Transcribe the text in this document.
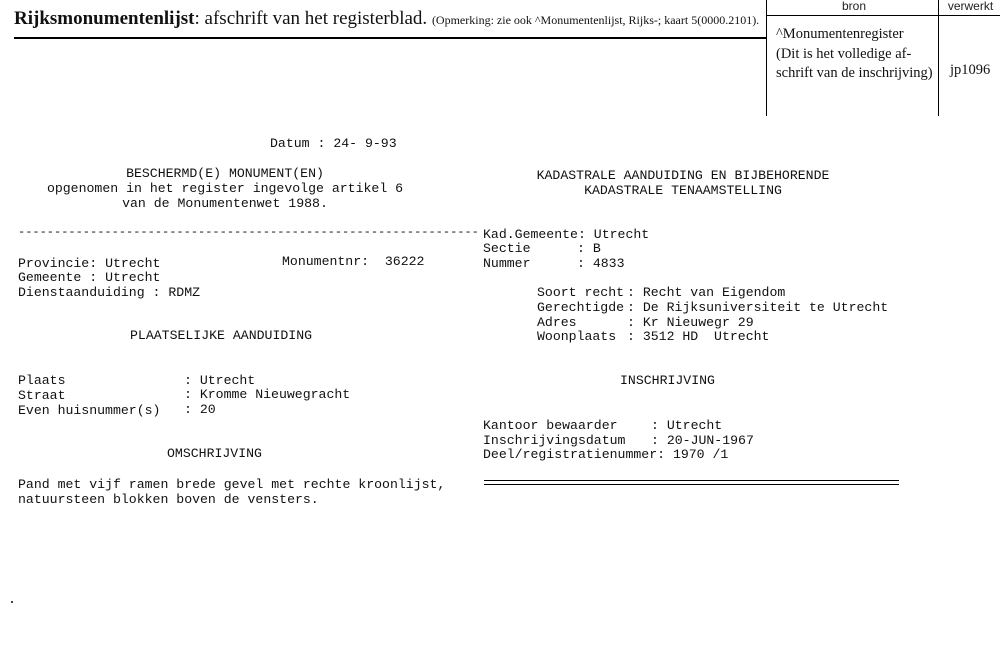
Rijksmonumentenlijst: afschrift van het registerblad. (Opmerking: zie ook ^Monumentenlijst, Rijks-; kaart 5(0000.2101).
bron	verwerkt
^Monumentenregister
(Dit is het volledige af-
schrift van de inschrijving) jp1096
Datum : 24- 9-93
BESCHERMD(E) MONUMENT(EN)
opgenomen in het register ingevolge artikel 6
van de Monumentenwet 1988.
----------------------------------------------------------------
Provincie: Utrecht	Monumentnr:  36222
Gemeente : Utrecht
Dienstaanduiding : RDMZ
PLAATSELIJKE AANDUIDING
Plaats	: Utrecht
Straat	: Kromme Nieuwegracht
Even huisnummer(s) : 20
OMSCHRIJVING
Pand met vijf ramen brede gevel met rechte kroonlijst,
natuursteen blokken boven de vensters.
KADASTRALE AANDUIDING EN BIJBEHORENDE
KADASTRALE TENAAMSTELLING
Kad.Gemeente: Utrecht
Sectie	: B
Nummer	: 4833
Soort recht : Recht van Eigendom
Gerechtigde : De Rijksuniversiteit te Utrecht
Adres	: Kr Nieuwegr 29
Woonplaats : 3512 HD  Utrecht
INSCHRIJVING
Kantoor bewaarder	: Utrecht
Inschrijvingsdatum : 20-JUN-1967
Deel/registratienummer: 1970 /1
